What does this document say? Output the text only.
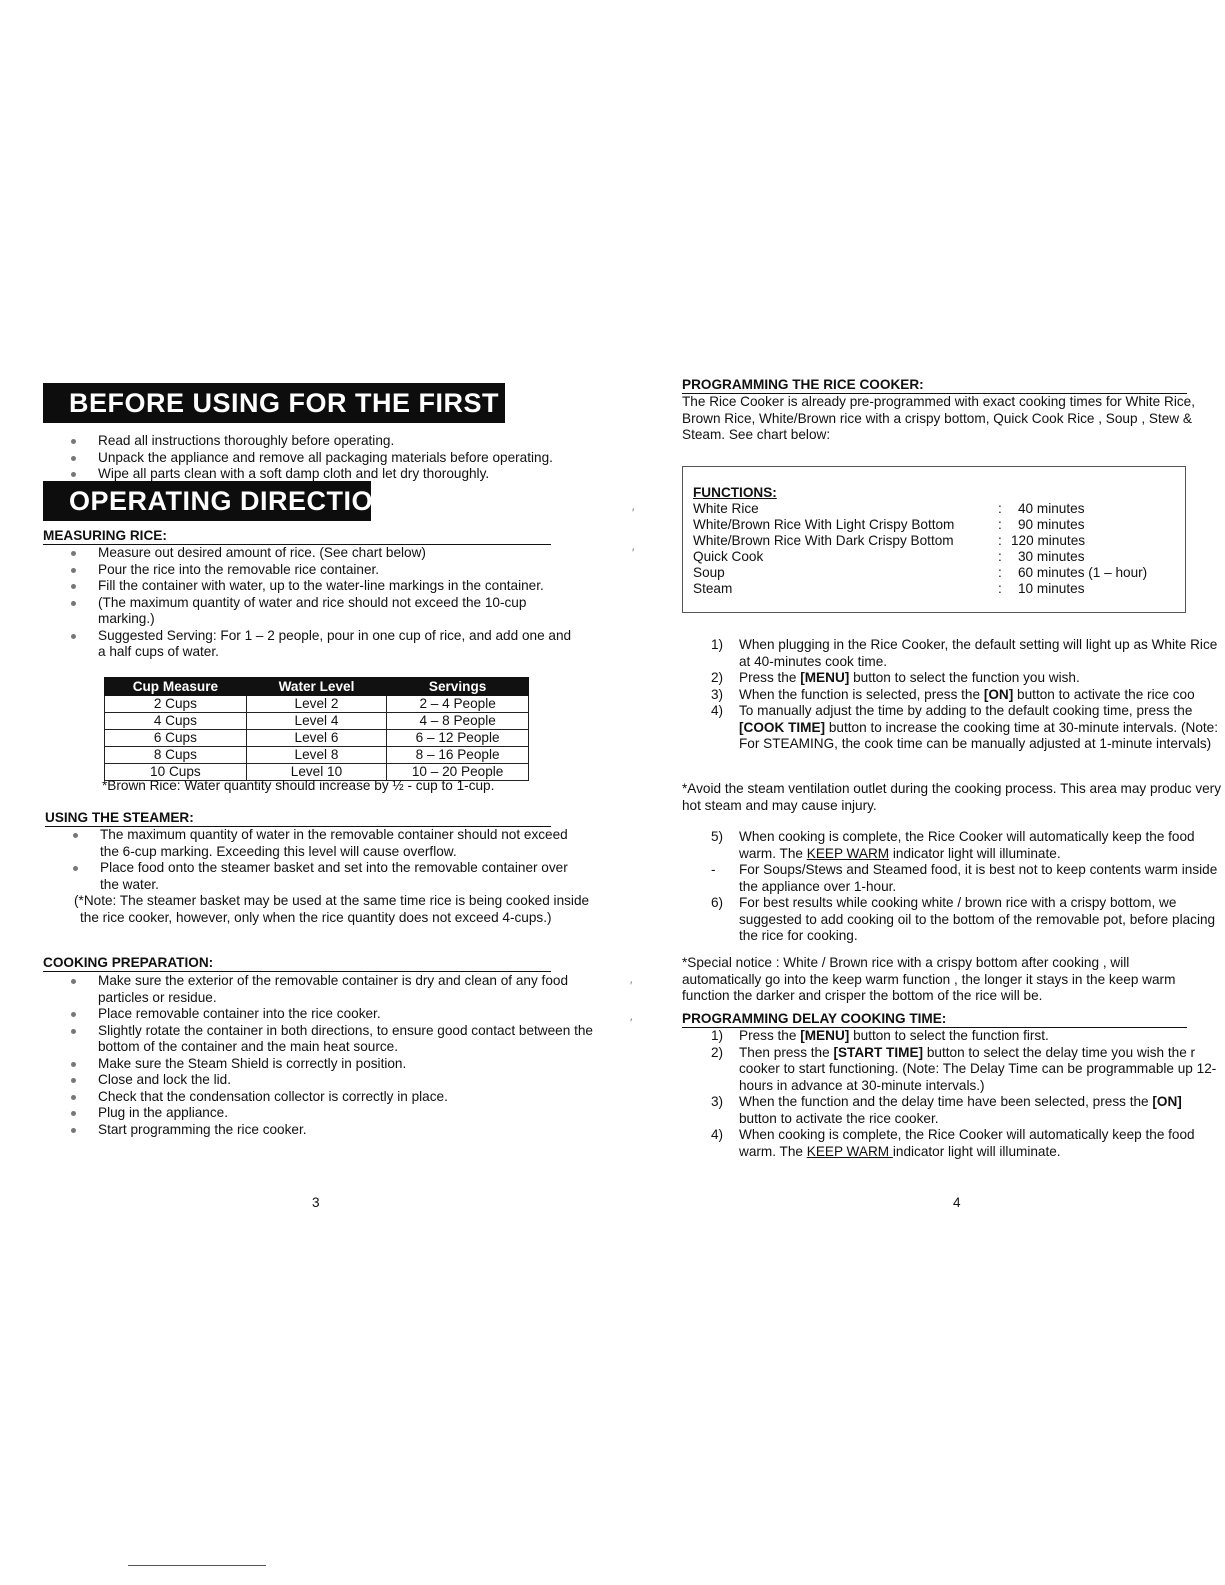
BEFORE USING FOR THE FIRST TIME....
Read all instructions thoroughly before operating.
Unpack the appliance and remove all packaging materials before operating.
Wipe all parts clean with a soft damp cloth and let dry thoroughly.
OPERATING DIRECTIONS....
MEASURING RICE:
Measure out desired amount of rice. (See chart below)
Pour the rice into the removable rice container.
Fill the container with water, up to the water-line markings in the container.
(The maximum quantity of water and rice should not exceed the 10-cup marking.)
Suggested Serving: For 1 – 2 people, pour in one cup of rice, and add one and a half cups of water.
Cup Measure	Water Level	Servings
2 Cups	Level 2	2 – 4 People
4 Cups	Level 4	4 – 8 People
6 Cups	Level 6	6 – 12 People
8 Cups	Level 8	8 – 16 People
10 Cups	Level 10	10 – 20 People
*Brown Rice: Water quantity should increase by ½ - cup to 1-cup.
USING THE STEAMER:
The maximum quantity of water in the removable container should not exceed the 6-cup marking. Exceeding this level will cause overflow.
Place food onto the steamer basket and set into the removable container over the water.
(*Note: The steamer basket may be used at the same time rice is being cooked inside the rice cooker, however, only when the rice quantity does not exceed 4-cups.)
COOKING PREPARATION:
Make sure the exterior of the removable container is dry and clean of any food particles or residue.
Place removable container into the rice cooker.
Slightly rotate the container in both directions, to ensure good contact between the bottom of the container and the main heat source.
Make sure the Steam Shield is correctly in position.
Close and lock the lid.
Check that the condensation collector is correctly in place.
Plug in the appliance.
Start programming the rice cooker.
3
′
′
′
′
PROGRAMMING THE RICE COOKER:
The Rice Cooker is already pre-programmed with exact cooking times for White Rice, Brown Rice, White/Brown rice with a crispy bottom, Quick Cook Rice , Soup , Stew & Steam. See chart below:
FUNCTIONS:
White Rice	: 40 minutes
White/Brown Rice With Light Crispy Bottom	: 90 minutes
White/Brown Rice With Dark Crispy Bottom	: 120 minutes
Quick Cook	: 30 minutes
Soup	: 60 minutes (1 – hour)
Steam	: 10 minutes
1) When plugging in the Rice Cooker, the default setting will light up as White Rice at 40-minutes cook time.
2) Press the [MENU] button to select the function you wish.
3) When the function is selected, press the [ON] button to activate the rice coo
4) To manually adjust the time by adding to the default cooking time, press the [COOK TIME] button to increase the cooking time at 30-minute intervals. (Note: For STEAMING, the cook time can be manually adjusted at 1-minute intervals)
*Avoid the steam ventilation outlet during the cooking process. This area may produc very hot steam and may cause injury.
5) When cooking is complete, the Rice Cooker will automatically keep the food warm. The KEEP WARM indicator light will illuminate.
- For Soups/Stews and Steamed food, it is best not to keep contents warm inside the appliance over 1-hour.
6) For best results while cooking white / brown rice with a crispy bottom, we suggested to add cooking oil to the bottom of the removable pot, before placing the rice for cooking.
*Special notice : White / Brown rice with a crispy bottom after cooking , will automatically go into the keep warm function , the longer it stays in the keep warm function the darker and crisper the bottom of the rice will be.
PROGRAMMING DELAY COOKING TIME:
1) Press the [MENU] button to select the function first.
2) Then press the [START TIME] button to select the delay time you wish the r cooker to start functioning. (Note: The Delay Time can be programmable up 12-hours in advance at 30-minute intervals.)
3) When the function and the delay time have been selected, press the [ON] button to activate the rice cooker.
4) When cooking is complete, the Rice Cooker will automatically keep the food warm. The KEEP WARM indicator light will illuminate.
4
